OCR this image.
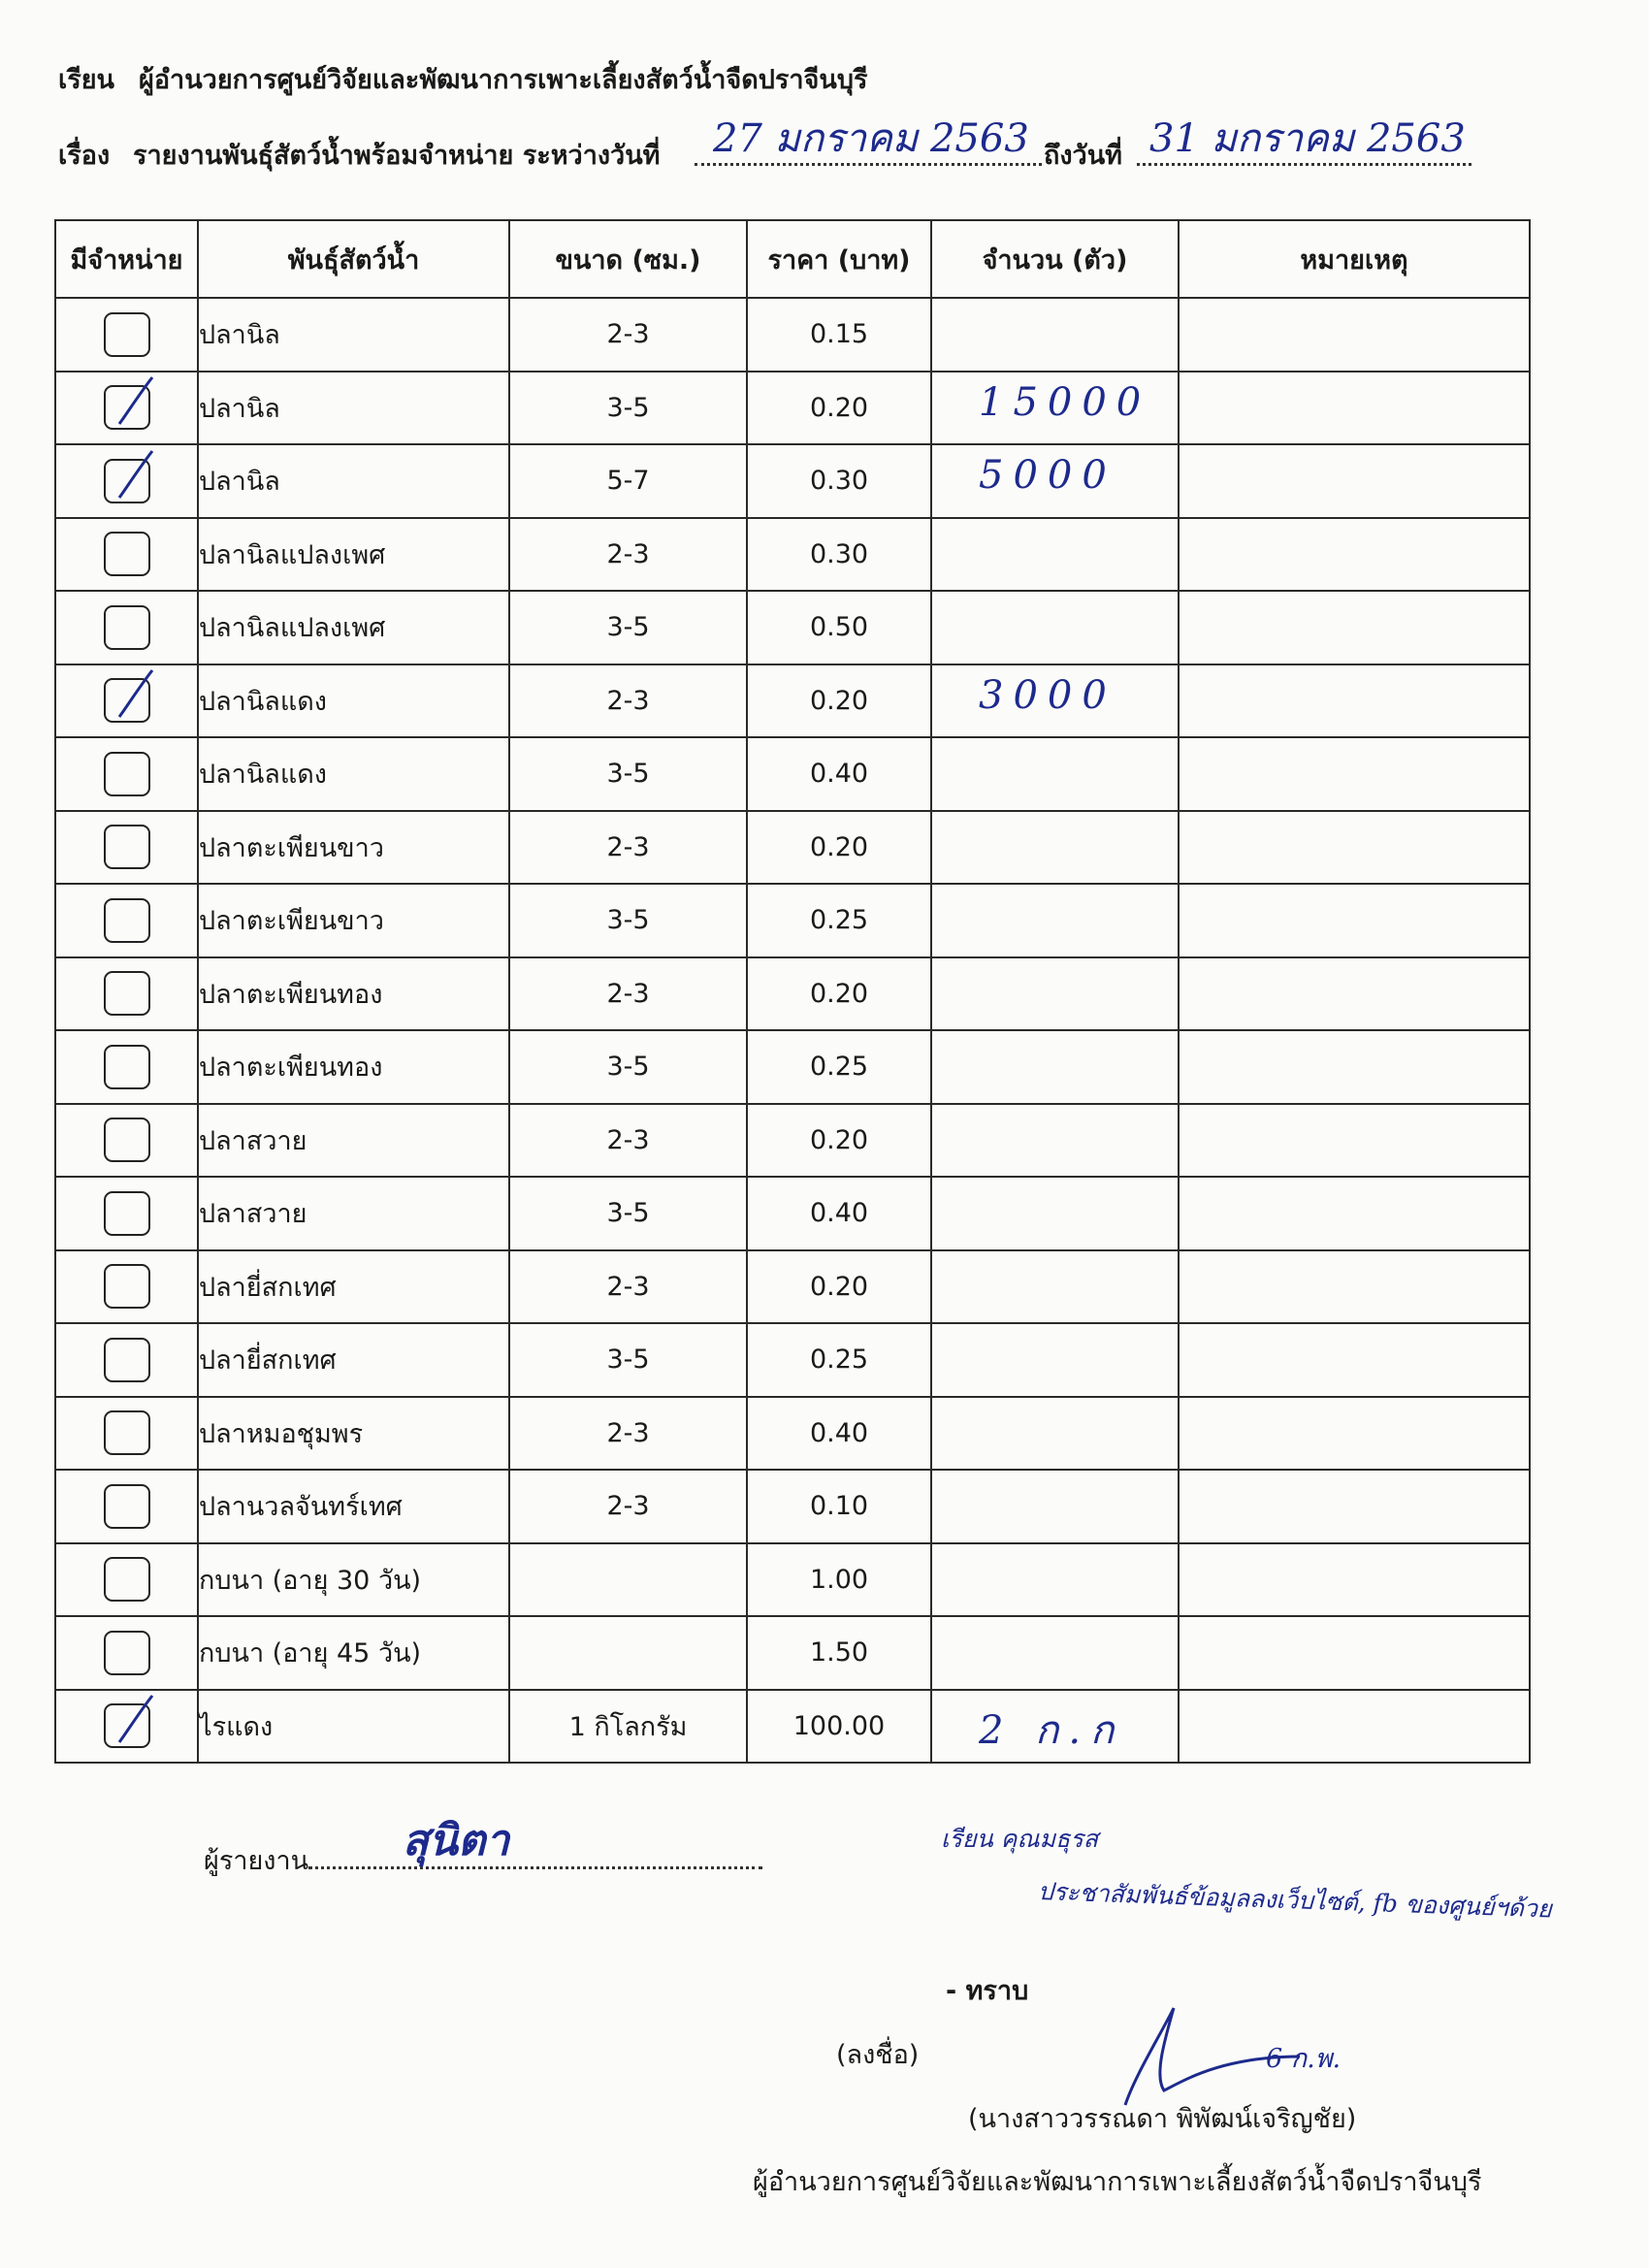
เรียน ผู้อำนวยการศูนย์วิจัยและพัฒนาการเพาะเลี้ยงสัตว์น้ำจืดปราจีนบุรี
เรื่อง รายงานพันธุ์สัตว์น้ำพร้อมจำหน่าย ระหว่างวันที่ 27 มกราคม 2563 ถึงวันที่ 31 มกราคม 2563
มีจำหน่าย	พันธุ์สัตว์น้ำ	ขนาด (ซม.)	ราคา (บาท)	จำนวน (ตัว)	หมายเหตุ

	ปลานิล	2-3	0.15	

	ปลานิล	3-5	0.20	15000	

	ปลานิล	5-7	0.30	5000	

	ปลานิลแปลงเพศ	2-3	0.30	

	ปลานิลแปลงเพศ	3-5	0.50	

	ปลานิลแดง	2-3	0.20	3000	

	ปลานิลแดง	3-5	0.40	

	ปลาตะเพียนขาว	2-3	0.20	

	ปลาตะเพียนขาว	3-5	0.25	

	ปลาตะเพียนทอง	2-3	0.20	

	ปลาตะเพียนทอง	3-5	0.25	

	ปลาสวาย	2-3	0.20	

	ปลาสวาย	3-5	0.40	

	ปลายี่สกเทศ	2-3	0.20	

	ปลายี่สกเทศ	3-5	0.25	

	ปลาหมอชุมพร	2-3	0.40	

	ปลานวลจันทร์เทศ	2-3	0.10	

	กบนา (อายุ 30 วัน)		1.00	

	กบนา (อายุ 45 วัน)		1.50	

	ไรแดง	1 กิโลกรัม	100.00	2 ก.ก	

ผู้รายงาน สุนิตา	เรียน คุณมธุรส
ประชาสัมพันธ์ข้อมูลลงเว็บไซต์, fb ของศูนย์ฯด้วย
- ทราบ
(ลงชื่อ)	6 ก.พ.
(นางสาววรรณดา พิพัฒน์เจริญชัย)
ผู้อำนวยการศูนย์วิจัยและพัฒนาการเพาะเลี้ยงสัตว์น้ำจืดปราจีนบุรี
